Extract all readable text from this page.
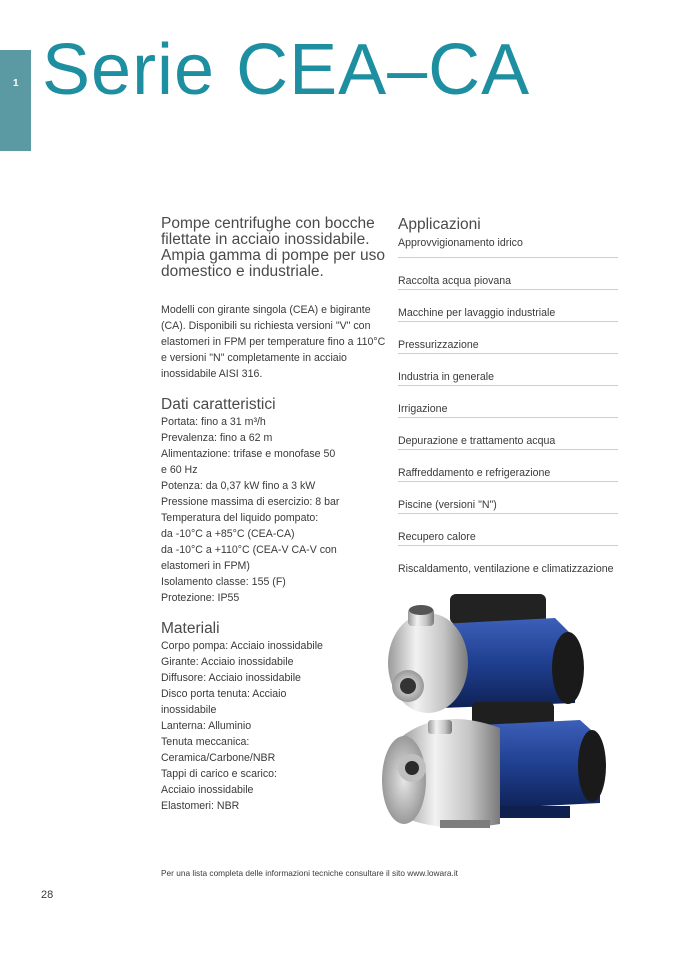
1 Serie CEA–CA

Pompe centrifughe con bocche filettate in acciaio inossidabile. Ampia gamma di pompe per uso domestico e industriale.

Modelli con girante singola (CEA) e bigirante (CA). Disponibili su richiesta versioni "V" con elastomeri in FPM per temperature fino a 110°C e versioni "N" completamente in acciaio inossidabile AISI 316.

Dati caratteristici

Portata: fino a 31 m³/h

Prevalenza: fino a 62 m

Alimentazione: trifase e monofase 50

e 60 Hz

Potenza: da 0,37 kW fino a 3 kW

Pressione massima di esercizio: 8 bar

Temperatura del liquido pompato:

da -10°C a +85°C (CEA-CA)

da -10°C a +110°C (CEA-V CA-V con

elastomeri in FPM)

Isolamento classe: 155 (F)

Protezione: IP55

Materiali

Corpo pompa: Acciaio inossidabile

Girante: Acciaio inossidabile

Diffusore: Acciaio inossidabile

Disco porta tenuta: Acciaio

inossidabile

Lanterna: Alluminio

Tenuta meccanica:

Ceramica/Carbone/NBR

Tappi di carico e scarico:

Acciaio inossidabile

Elastomeri: NBR

Applicazioni
Approvvigionamento idrico
Raccolta acqua piovana
Macchine per lavaggio industriale
Pressurizzazione
Industria in generale
Irrigazione
Depurazione e trattamento acqua
Raffreddamento e refrigerazione
Piscine (versioni "N")
Recupero calore
Riscaldamento, ventilazione e climatizzazione
Per una lista completa delle informazioni tecniche consultare il sito www.lowara.it
28
